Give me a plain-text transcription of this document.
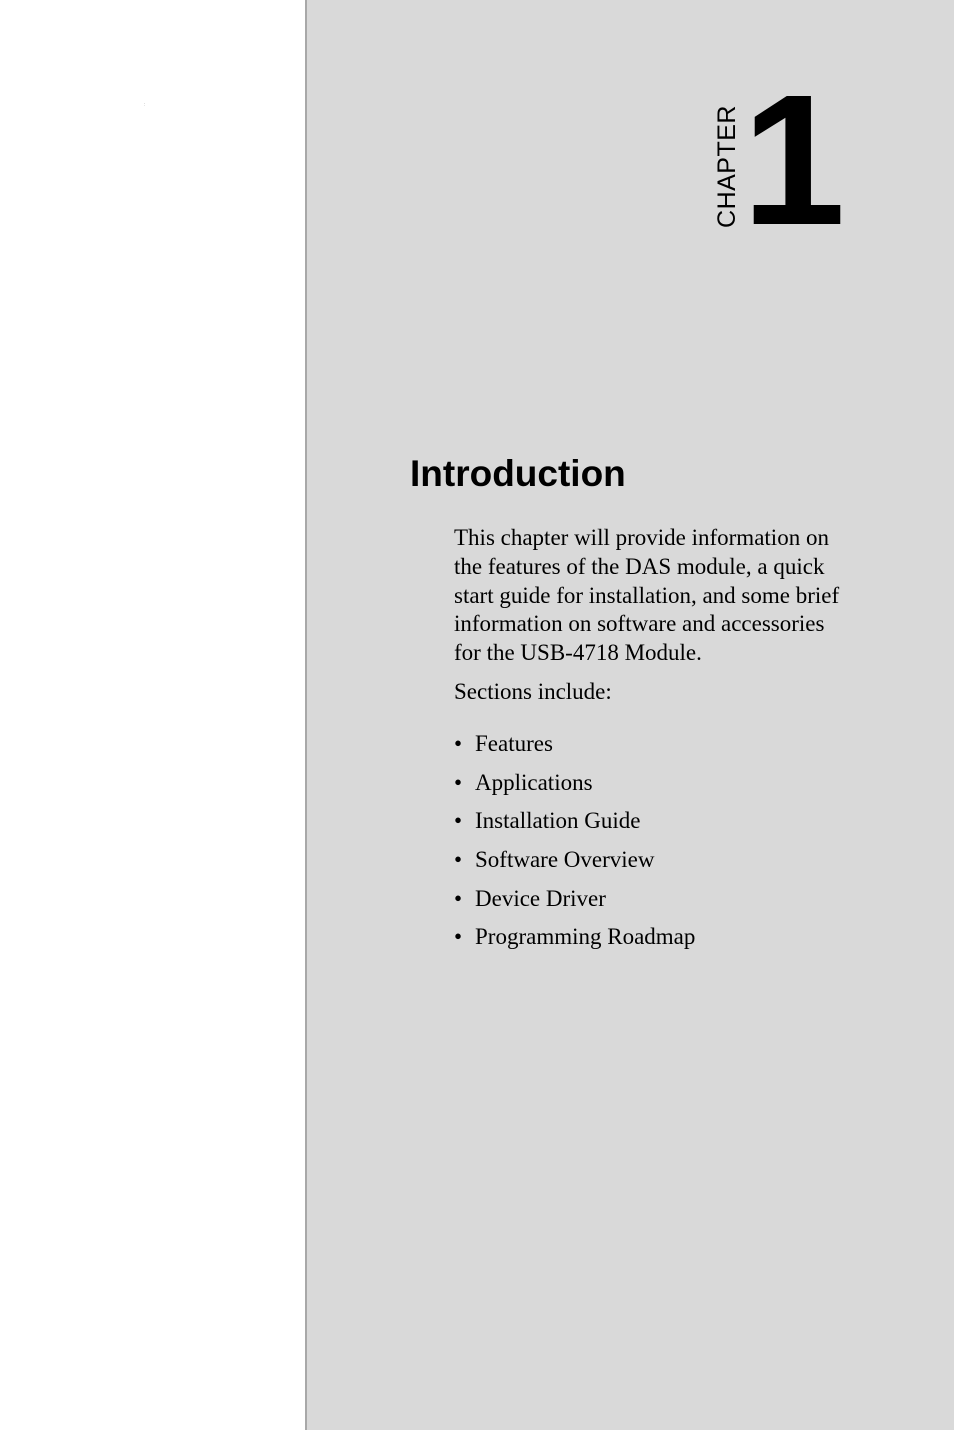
:	CHAPTER 1
Introduction

This chapter will provide information on the features of the DAS module, a quick start guide for installation, and some brief information on software and accessories for the USB-4718 Module.

Sections include:

• Features
• Applications
• Installation Guide
• Software Overview
• Device Driver
• Programming Roadmap
